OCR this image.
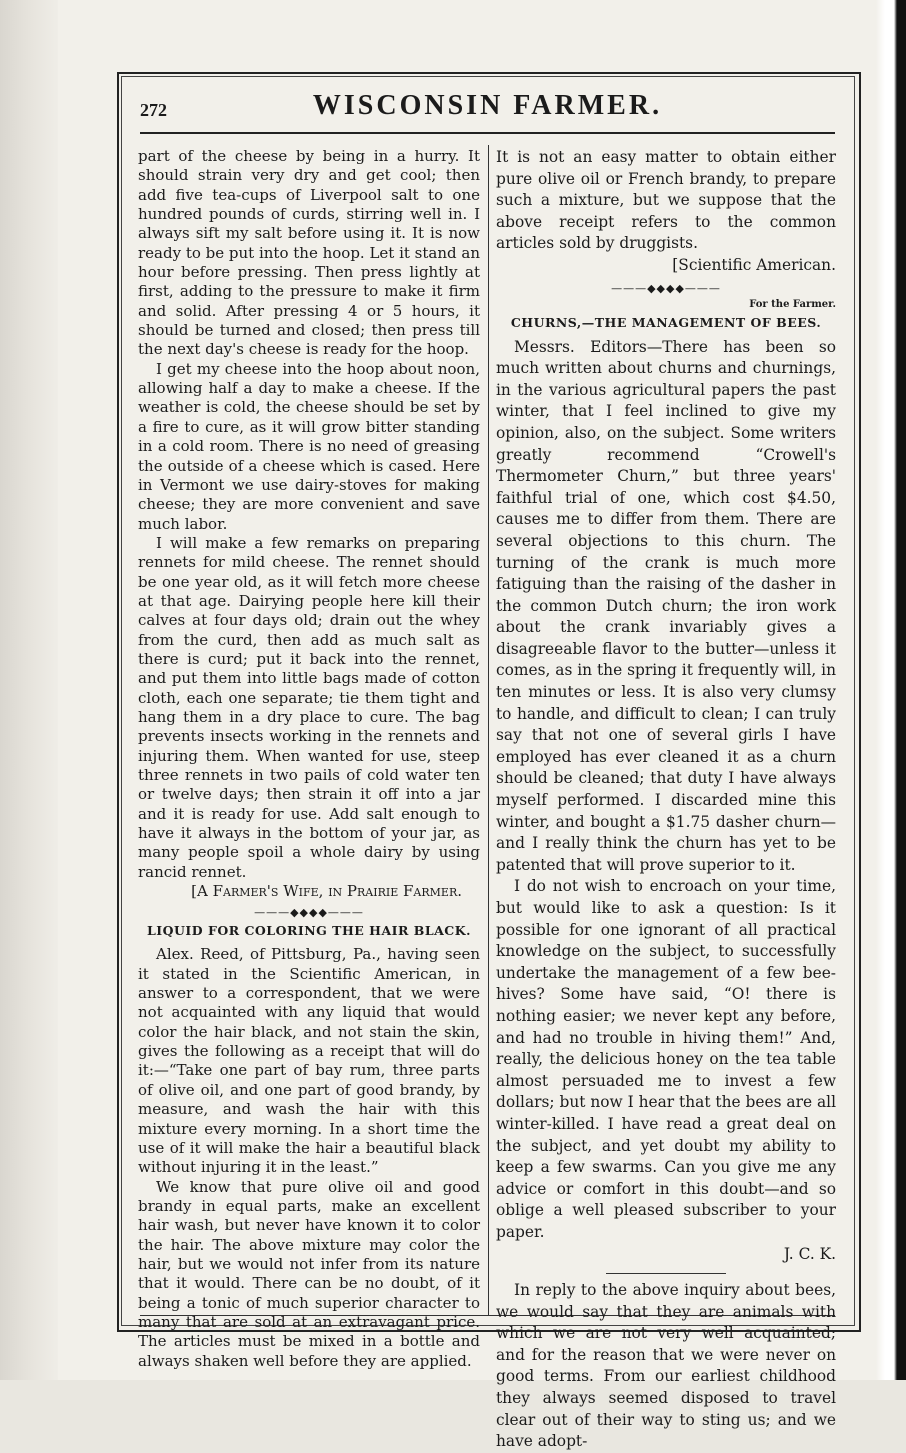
272	WISCONSIN FARMER.

part of the cheese by being in a hurry. It should strain very dry and get cool; then add five tea-cups of Liverpool salt to one hundred pounds of curds, stirring well in. I always sift my salt before using it. It is now ready to be put into the hoop. Let it stand an hour before pressing. Then press lightly at first, adding to the pressure to make it firm and solid. After pressing 4 or 5 hours, it should be turned and closed; then press till the next day's cheese is ready for the hoop.

I get my cheese into the hoop about noon, allowing half a day to make a cheese. If the weather is cold, the cheese should be set by a fire to cure, as it will grow bitter standing in a cold room. There is no need of greasing the outside of a cheese which is cased. Here in Vermont we use dairy-stoves for making cheese; they are more convenient and save much labor.

I will make a few remarks on preparing rennets for mild cheese. The rennet should be one year old, as it will fetch more cheese at that age. Dairying people here kill their calves at four days old; drain out the whey from the curd, then add as much salt as there is curd; put it back into the rennet, and put them into little bags made of cotton cloth, each one separate; tie them tight and hang them in a dry place to cure. The bag prevents insects working in the rennets and injuring them. When wanted for use, steep three rennets in two pails of cold water ten or twelve days; then strain it off into a jar and it is ready for use. Add salt enough to have it always in the bottom of your jar, as many people spoil a whole dairy by using rancid rennet.

[A Farmer's Wife, in Prairie Farmer.

———◆◆◆◆———
LIQUID FOR COLORING THE HAIR BLACK.

Alex. Reed, of Pittsburg, Pa., having seen it stated in the Scientific American, in answer to a correspondent, that we were not acquainted with any liquid that would color the hair black, and not stain the skin, gives the following as a receipt that will do it:—“Take one part of bay rum, three parts of olive oil, and one part of good brandy, by measure, and wash the hair with this mixture every morning. In a short time the use of it will make the hair a beautiful black without injuring it in the least.”

We know that pure olive oil and good brandy in equal parts, make an excellent hair wash, but never have known it to color the hair. The above mixture may color the hair, but we would not infer from its nature that it would. There can be no doubt, of it being a tonic of much superior character to many that are sold at an extravagant price. The articles must be mixed in a bottle and always shaken well before they are applied.

It is not an easy matter to obtain either pure olive oil or French brandy, to prepare such a mixture, but we suppose that the above receipt refers to the common articles sold by druggists.

[Scientific American.

———◆◆◆◆———
For the Farmer.
CHURNS,—THE MANAGEMENT OF BEES.

Messrs. Editors—There has been so much written about churns and churnings, in the various agricultural papers the past winter, that I feel inclined to give my opinion, also, on the subject. Some writers greatly recommend “Crowell's Thermometer Churn,” but three years' faithful trial of one, which cost $4.50, causes me to differ from them. There are several objections to this churn. The turning of the crank is much more fatiguing than the raising of the dasher in the common Dutch churn; the iron work about the crank invariably gives a disagreeable flavor to the butter—unless it comes, as in the spring it frequently will, in ten minutes or less. It is also very clumsy to handle, and difficult to clean; I can truly say that not one of several girls I have employed has ever cleaned it as a churn should be cleaned; that duty I have always myself performed. I discarded mine this winter, and bought a $1.75 dasher churn—and I really think the churn has yet to be patented that will prove superior to it.

I do not wish to encroach on your time, but would like to ask a question: Is it possible for one ignorant of all practical knowledge on the subject, to successfully undertake the management of a few bee-hives? Some have said, “O! there is nothing easier; we never kept any before, and had no trouble in hiving them!” And, really, the delicious honey on the tea table almost persuaded me to invest a few dollars; but now I hear that the bees are all winter-killed. I have read a great deal on the subject, and yet doubt my ability to keep a few swarms. Can you give me any advice or comfort in this doubt—and so oblige a well pleased subscriber to your paper.

J. C. K.

In reply to the above inquiry about bees, we would say that they are animals with which we are not very well acquainted; and for the reason that we were never on good terms. From our earliest childhood they always seemed disposed to travel clear out of their way to sting us; and we have adopt-
